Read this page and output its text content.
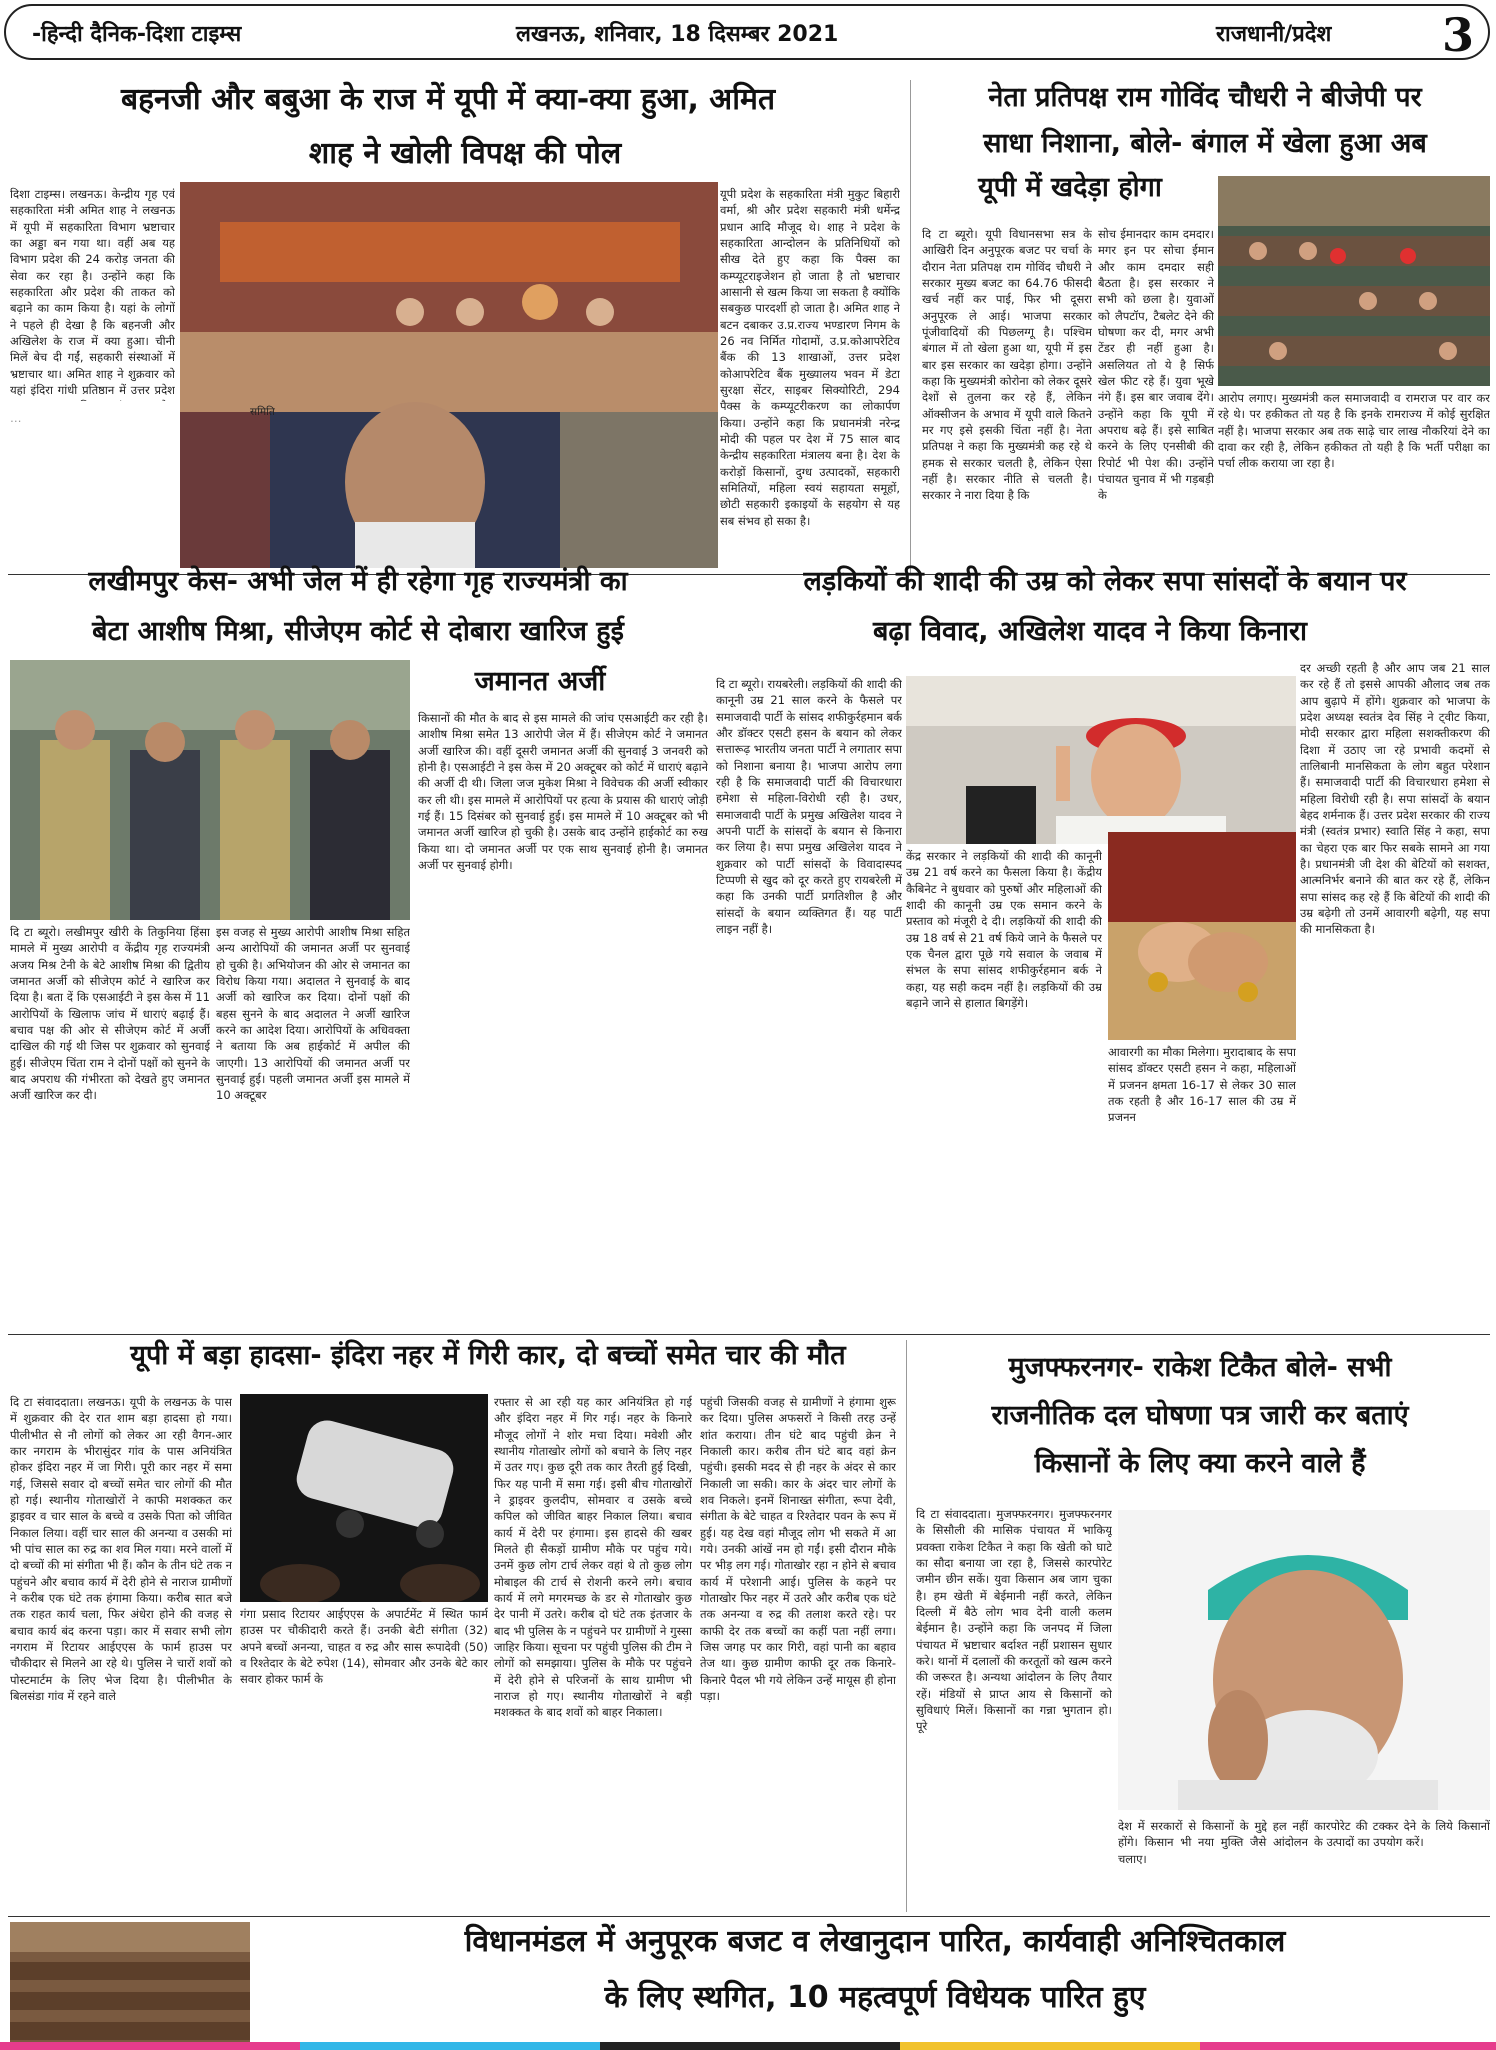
-हिन्दी दैनिक-दिशा टाइम्स	लखनऊ, शनिवार, 18 दिसम्बर 2021	राजधानी/प्रदेश 3
बहनजी और बबुआ के राज में यूपी में क्या-क्या हुआ, अमित
शाह ने खोली विपक्ष की पोल
दिशा टाइम्स। लखनऊ। केन्द्रीय गृह एवं सहकारिता मंत्री अमित शाह ने लखनऊ में यूपी में सहकारिता विभाग भ्रष्टाचार का अड्डा बन गया था। वहीं अब यह विभाग प्रदेश की 24 करोड़ जनता की सेवा कर रहा है। उन्होंने कहा कि सहकारिता और प्रदेश की ताकत को बढ़ाने का काम किया है। यहां के लोगों ने पहले ही देखा है कि बहनजी और अखिलेश के राज में क्या हुआ। चीनी मिलें बेच दी गईं, सहकारी संस्थाओं में भ्रष्टाचार था। अमित शाह ने शुक्रवार को यहां इंदिरा गांधी प्रतिष्ठान में उत्तर प्रदेश
समिति
…
यूपी प्रदेश के सहकारिता मंत्री मुकुट बिहारी वर्मा, श्री और प्रदेश सहकारी मंत्री धर्मेन्द्र प्रधान आदि मौजूद थे। शाह ने प्रदेश के सहकारिता आन्दोलन के प्रतिनिधियों को सीख देते हुए कहा कि पैक्स का कम्प्यूटराइजेशन हो जाता है तो भ्रष्टाचार आसानी से खत्म किया जा सकता है क्योंकि सबकुछ पारदर्शी हो जाता है। अमित शाह ने बटन दबाकर उ.प्र.राज्य भण्डारण निगम के 26 नव निर्मित गोदामों, उ.प्र.कोआपरेटिव बैंक की 13 शाखाओं, उत्तर प्रदेश कोआपरेटिव बैंक मुख्यालय भवन में डेटा सुरक्षा सेंटर, साइबर सिक्योरिटी, 294 पैक्स के कम्प्यूटरीकरण का लोकार्पण किया। उन्होंने कहा कि प्रधानमंत्री नरेन्द्र मोदी की पहल पर देश में 75 साल बाद केन्द्रीय सहकारिता मंत्रालय बना है। देश के करोड़ों किसानों, दुग्ध उत्पादकों, सहकारी समितियों, महिला स्वयं सहायता समूहों, छोटी सहकारी इकाइयों के सहयोग से यह सब संभव हो सका है।
नेता प्रतिपक्ष राम गोविंद चौधरी ने बीजेपी पर
साधा निशाना, बोले- बंगाल में खेला हुआ अब
यूपी में खदेड़ा होगा
दि टा ब्यूरो। यूपी विधानसभा सत्र के आखिरी दिन अनुपूरक बजट पर चर्चा के दौरान नेता प्रतिपक्ष राम गोविंद चौधरी ने सरकार मुख्य बजट का 64.76 फीसदी खर्च नहीं कर पाई, फिर भी दूसरा अनुपूरक ले आई। भाजपा सरकार पूंजीवादियों की पिछलग्गू है। पश्चिम बंगाल में तो खेला हुआ था, यूपी में इस बार इस सरकार का खदेड़ा होगा। उन्होंने कहा कि मुख्यमंत्री कोरोना को लेकर दूसरे देशों से तुलना कर रहे हैं, लेकिन ऑक्सीजन के अभाव में यूपी वाले कितने मर गए इसे इसकी चिंता नहीं है। नेता प्रतिपक्ष ने कहा कि मुख्यमंत्री कह रहे थे हमक से सरकार चलती है, लेकिन ऐसा नहीं है। सरकार नीति से चलती है। सरकार ने नारा दिया है कि
सोच ईमानदार काम दमदार। मगर इन पर सोचा ईमान और काम दमदार सही बैठता है। इस सरकार ने सभी को छला है। युवाओं को लैपटॉप, टैबलेट देने की घोषणा कर दी, मगर अभी टेंडर ही नहीं हुआ है। असलियत तो ये है सिर्फ खेल फीट रहे हैं। युवा भूखे नंगे हैं। इस बार जवाब देंगे। उन्होंने कहा कि यूपी में अपराध बढ़े हैं। इसे साबित करने के लिए एनसीबी की रिपोर्ट भी पेश की। उन्होंने पंचायत चुनाव में भी गड़बड़ी के
आरोप लगाए। मुख्यमंत्री कल समाजवादी व रामराज पर वार कर रहे थे। पर हकीकत तो यह है कि इनके रामराज्य में कोई सुरक्षित नहीं है। भाजपा सरकार अब तक साढ़े चार लाख नौकरियां देने का दावा कर रही है, लेकिन हकीकत तो यही है कि भर्ती परीक्षा का पर्चा लीक कराया जा रहा है।
लखीमपुर केस- अभी जेल में ही रहेगा गृह राज्यमंत्री का
बेटा आशीष मिश्रा, सीजेएम कोर्ट से दोबारा खारिज हुई
जमानत अर्जी
दि टा ब्यूरो। लखीमपुर खीरी के तिकुनिया हिंसा मामले में मुख्य आरोपी व केंद्रीय गृह राज्यमंत्री अजय मिश्र टेनी के बेटे आशीष मिश्रा की द्वितीय जमानत अर्जी को सीजेएम कोर्ट ने खारिज कर दिया है। बता दें कि एसआईटी ने इस केस में 11 आरोपियों के खिलाफ जांच में धाराएं बढ़ाई हैं। बचाव पक्ष की ओर से सीजेएम कोर्ट में अर्जी दाखिल की गई थी जिस पर शुक्रवार को सुनवाई हुई। सीजेएम चिंता राम ने दोनों पक्षों को सुनने के बाद अपराध की गंभीरता को देखते हुए जमानत अर्जी खारिज कर दी।
इस वजह से मुख्य आरोपी आशीष मिश्रा सहित अन्य आरोपियों की जमानत अर्जी पर सुनवाई हो चुकी है। अभियोजन की ओर से जमानत का विरोध किया गया। अदालत ने सुनवाई के बाद अर्जी को खारिज कर दिया। दोनों पक्षों की बहस सुनने के बाद अदालत ने अर्जी खारिज करने का आदेश दिया। आरोपियों के अधिवक्ता ने बताया कि अब हाईकोर्ट में अपील की जाएगी। 13 आरोपियों की जमानत अर्जी पर सुनवाई हुई। पहली जमानत अर्जी इस मामले में 10 अक्टूबर
किसानों की मौत के बाद से इस मामले की जांच एसआईटी कर रही है। आशीष मिश्रा समेत 13 आरोपी जेल में हैं। सीजेएम कोर्ट ने जमानत अर्जी खारिज की। वहीं दूसरी जमानत अर्जी की सुनवाई 3 जनवरी को होनी है। एसआईटी ने इस केस में 20 अक्टूबर को कोर्ट में धाराएं बढ़ाने की अर्जी दी थी। जिला जज मुकेश मिश्रा ने विवेचक की अर्जी स्वीकार कर ली थी। इस मामले में आरोपियों पर हत्या के प्रयास की धाराएं जोड़ी गई हैं। 15 दिसंबर को सुनवाई हुई। इस मामले में 10 अक्टूबर को भी जमानत अर्जी खारिज हो चुकी है। उसके बाद उन्होंने हाईकोर्ट का रुख किया था। दो जमानत अर्जी पर एक साथ सुनवाई होनी है। जमानत अर्जी पर सुनवाई होगी।
लड़कियों की शादी की उम्र को लेकर सपा सांसदों के बयान पर
बढ़ा विवाद, अखिलेश यादव ने किया किनारा
दि टा ब्यूरो। रायबरेली। लड़कियों की शादी की कानूनी उम्र 21 साल करने के फैसले पर समाजवादी पार्टी के सांसद शफीकुर्रहमान बर्क और डॉक्टर एसटी हसन के बयान को लेकर सत्तारूढ़ भारतीय जनता पार्टी ने लगातार सपा को निशाना बनाया है। भाजपा आरोप लगा रही है कि समाजवादी पार्टी की विचारधारा हमेशा से महिला-विरोधी रही है। उधर, समाजवादी पार्टी के प्रमुख अखिलेश यादव ने अपनी पार्टी के सांसदों के बयान से किनारा कर लिया है। सपा प्रमुख अखिलेश यादव ने शुक्रवार को पार्टी सांसदों के विवादास्पद टिप्पणी से खुद को दूर करते हुए रायबरेली में कहा कि उनकी पार्टी प्रगतिशील है और सांसदों के बयान व्यक्तिगत हैं। यह पार्टी लाइन नहीं है।
केंद्र सरकार ने लड़कियों की शादी की कानूनी उम्र 21 वर्ष करने का फैसला किया है। केंद्रीय कैबिनेट ने बुधवार को पुरुषों और महिलाओं की शादी की कानूनी उम्र एक समान करने के प्रस्ताव को मंजूरी दे दी। लड़कियों की शादी की उम्र 18 वर्ष से 21 वर्ष किये जाने के फैसले पर एक चैनल द्वारा पूछे गये सवाल के जवाब में संभल के सपा सांसद शफीकुर्रहमान बर्क ने कहा, यह सही कदम नहीं है। लड़कियों की उम्र बढ़ाने जाने से हालात बिगड़ेंगे।
आवारगी का मौका मिलेगा। मुरादाबाद के सपा सांसद डॉक्टर एसटी हसन ने कहा, महिलाओं में प्रजनन क्षमता 16-17 से लेकर 30 साल तक रहती है और 16-17 साल की उम्र में प्रजनन
दर अच्छी रहती है और आप जब 21 साल कर रहे हैं तो इससे आपकी औलाद जब तक आप बुढ़ापे में होंगे। शुक्रवार को भाजपा के प्रदेश अध्यक्ष स्वतंत्र देव सिंह ने ट्वीट किया, मोदी सरकार द्वारा महिला सशक्तीकरण की दिशा में उठाए जा रहे प्रभावी कदमों से तालिबानी मानसिकता के लोग बहुत परेशान हैं। समाजवादी पार्टी की विचारधारा हमेशा से महिला विरोधी रही है। सपा सांसदों के बयान बेहद शर्मनाक हैं। उत्तर प्रदेश सरकार की राज्य मंत्री (स्वतंत्र प्रभार) स्वाति सिंह ने कहा, सपा का चेहरा एक बार फिर सबके सामने आ गया है। प्रधानमंत्री जी देश की बेटियों को सशक्त, आत्मनिर्भर बनाने की बात कर रहे हैं, लेकिन सपा सांसद कह रहे हैं कि बेटियों की शादी की उम्र बढ़ेगी तो उनमें आवारगी बढ़ेगी, यह सपा की मानसिकता है।
यूपी में बड़ा हादसा- इंदिरा नहर में गिरी कार, दो बच्चों समेत चार की मौत
दि टा संवाददाता। लखनऊ। यूपी के लखनऊ के पास में शुक्रवार की देर रात शाम बड़ा हादसा हो गया। पीलीभीत से नौ लोगों को लेकर आ रही वैगन-आर कार नगराम के भीरासुंदर गांव के पास अनियंत्रित होकर इंदिरा नहर में जा गिरी। पूरी कार नहर में समा गई, जिससे सवार दो बच्चों समेत चार लोगों की मौत हो गई। स्थानीय गोताखोरों ने काफी मशक्कत कर ड्राइवर व चार साल के बच्चे व उसके पिता को जीवित निकाल लिया। वहीं चार साल की अनन्या व उसकी मां भी पांच साल का रुद्र का शव मिल गया। मरने वालों में दो बच्चों की मां संगीता भी हैं। कौन के तीन घंटे तक न पहुंचने और बचाव कार्य में देरी होने से नाराज ग्रामीणों ने करीब एक घंटे तक हंगामा किया। करीब सात बजे तक राहत कार्य चला, फिर अंधेरा होने की वजह से बचाव कार्य बंद करना पड़ा। कार में सवार सभी लोग नगराम में रिटायर आईएएस के फार्म हाउस पर चौकीदार से मिलने आ रहे थे। पुलिस ने चारों शवों को पोस्टमार्टम के लिए भेज दिया है। पीलीभीत के बिलसंडा गांव में रहने वाले
गंगा प्रसाद रिटायर आईएएस के अपार्टमेंट में स्थित फार्म हाउस पर चौकीदारी करते हैं। उनकी बेटी संगीता (32) अपने बच्चों अनन्या, चाहत व रुद्र और सास रूपादेवी (50) व रिश्तेदार के बेटे रुपेश (14), सोमवार और उनके बेटे कार सवार होकर फार्म के
रफ्तार से आ रही यह कार अनियंत्रित हो गई और इंदिरा नहर में गिर गई। नहर के किनारे मौजूद लोगों ने शोर मचा दिया। मवेशी और स्थानीय गोताखोर लोगों को बचाने के लिए नहर में उतर गए। कुछ दूरी तक कार तैरती हुई दिखी, फिर यह पानी में समा गई। इसी बीच गोताखोरों ने ड्राइवर कुलदीप, सोमवार व उसके बच्चे कपिल को जीवित बाहर निकाल लिया। बचाव कार्य में देरी पर हंगामा। इस हादसे की खबर मिलते ही सैकड़ों ग्रामीण मौके पर पहुंच गये। उनमें कुछ लोग टार्च लेकर वहां थे तो कुछ लोग मोबाइल की टार्च से रोशनी करने लगे। बचाव कार्य में लगे मगरमच्छ के डर से गोताखोर कुछ देर पानी में उतरे। करीब दो घंटे तक इंतजार के बाद भी पुलिस के न पहुंचने पर ग्रामीणों ने गुस्सा जाहिर किया। सूचना पर पहुंची पुलिस की टीम ने लोगों को समझाया। पुलिस के मौके पर पहुंचने में देरी होने से परिजनों के साथ ग्रामीण भी नाराज हो गए। स्थानीय गोताखोरों ने बड़ी मशक्कत के बाद शवों को बाहर निकाला।
पहुंची जिसकी वजह से ग्रामीणों ने हंगामा शुरू कर दिया। पुलिस अफसरों ने किसी तरह उन्हें शांत कराया। तीन घंटे बाद पहुंची क्रेन ने निकाली कार। करीब तीन घंटे बाद वहां क्रेन पहुंची। इसकी मदद से ही नहर के अंदर से कार निकाली जा सकी। कार के अंदर चार लोगों के शव निकले। इनमें शिनाख्त संगीता, रूपा देवी, संगीता के बेटे चाहत व रिश्तेदार पवन के रूप में हुई। यह देख वहां मौजूद लोग भी सकते में आ गये। उनकी आंखें नम हो गईं। इसी दौरान मौके पर भीड़ लग गई। गोताखोर रहा न होने से बचाव कार्य में परेशानी आई। पुलिस के कहने पर गोताखोर फिर नहर में उतरे और करीब एक घंटे तक अनन्या व रुद्र की तलाश करते रहे। पर काफी देर तक बच्चों का कहीं पता नहीं लगा। जिस जगह पर कार गिरी, वहां पानी का बहाव तेज था। कुछ ग्रामीण काफी दूर तक किनारे-किनारे पैदल भी गये लेकिन उन्हें मायूस ही होना पड़ा।
मुजफ्फरनगर- राकेश टिकैत बोले- सभी
राजनीतिक दल घोषणा पत्र जारी कर बताएं
किसानों के लिए क्या करने वाले हैं
दि टा संवाददाता। मुजफ्फरनगर। मुजफ्फरनगर के सिसौली की मासिक पंचायत में भाकियू प्रवक्ता राकेश टिकैत ने कहा कि खेती को घाटे का सौदा बनाया जा रहा है, जिससे कारपोरेट जमीन छीन सकें। युवा किसान अब जाग चुका है। हम खेती में बेईमानी नहीं करते, लेकिन दिल्ली में बैठे लोग भाव देनी वाली कलम बेईमान है। उन्होंने कहा कि जनपद में जिला पंचायत में भ्रष्टाचार बर्दाश्त नहीं प्रशासन सुधार करे। थानों में दलालों की करतूतों को खत्म करने की जरूरत है। अन्यथा आंदोलन के लिए तैयार रहें। मंडियों से प्राप्त आय से किसानों को सुविधाएं मिलें। किसानों का गन्ना भुगतान हो। पूरे
देश में सरकारों से किसानों के मुद्दे हल नहीं होंगे। किसान भी नया मुक्ति जैसे आंदोलन चलाए।
कारपोरेट की टक्कर देने के लिये किसानों के उत्पादों का उपयोग करें।
विधानमंडल में अनुपूरक बजट व लेखानुदान पारित, कार्यवाही अनिश्चितकाल
के लिए स्थगित, 10 महत्वपूर्ण विधेयक पारित हुए
